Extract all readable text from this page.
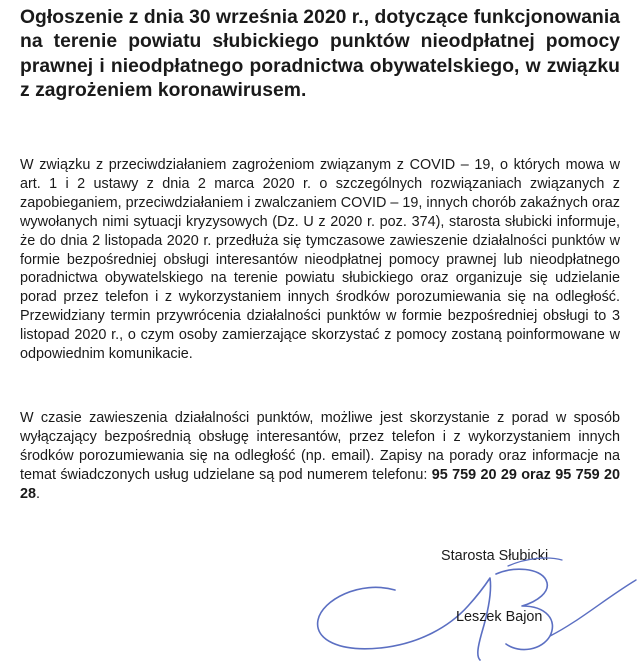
Ogłoszenie z dnia 30 września 2020 r., dotyczące funkcjonowania na terenie powiatu słubickiego punktów nieodpłatnej pomocy prawnej i nieodpłatnego poradnictwa obywatelskiego, w związku z zagrożeniem koronawirusem.

W związku z przeciwdziałaniem zagrożeniom związanym z COVID – 19, o których mowa w art. 1 i 2 ustawy z dnia 2 marca 2020 r. o szczególnych rozwiązaniach związanych z zapobieganiem, przeciwdziałaniem i zwalczaniem COVID – 19, innych chorób zakaźnych oraz wywołanych nimi sytuacji kryzysowych (Dz. U z 2020 r. poz. 374), starosta słubicki informuje, że do dnia 2 listopada 2020 r. przedłuża się tymczasowe zawieszenie działalności punktów w formie bezpośredniej obsługi interesantów nieodpłatnej pomocy prawnej lub nieodpłatnego poradnictwa obywatelskiego na terenie powiatu słubickiego oraz organizuje się udzielanie porad przez telefon i z wykorzystaniem innych środków porozumiewania się na odległość. Przewidziany termin przywrócenia działalności punktów w formie bezpośredniej obsługi to 3 listopad 2020 r., o czym osoby zamierzające skorzystać z pomocy zostaną poinformowane w odpowiednim komunikacie.

W czasie zawieszenia działalności punktów, możliwe jest skorzystanie z porad w sposób wyłączający bezpośrednią obsługę interesantów, przez telefon i z wykorzystaniem innych środków porozumiewania się na odległość (np. email). Zapisy na porady oraz informacje na temat świadczonych usług udzielane są pod numerem telefonu: 95 759 20 29 oraz 95 759 20 28.

Starosta Słubicki
Leszek Bajon
